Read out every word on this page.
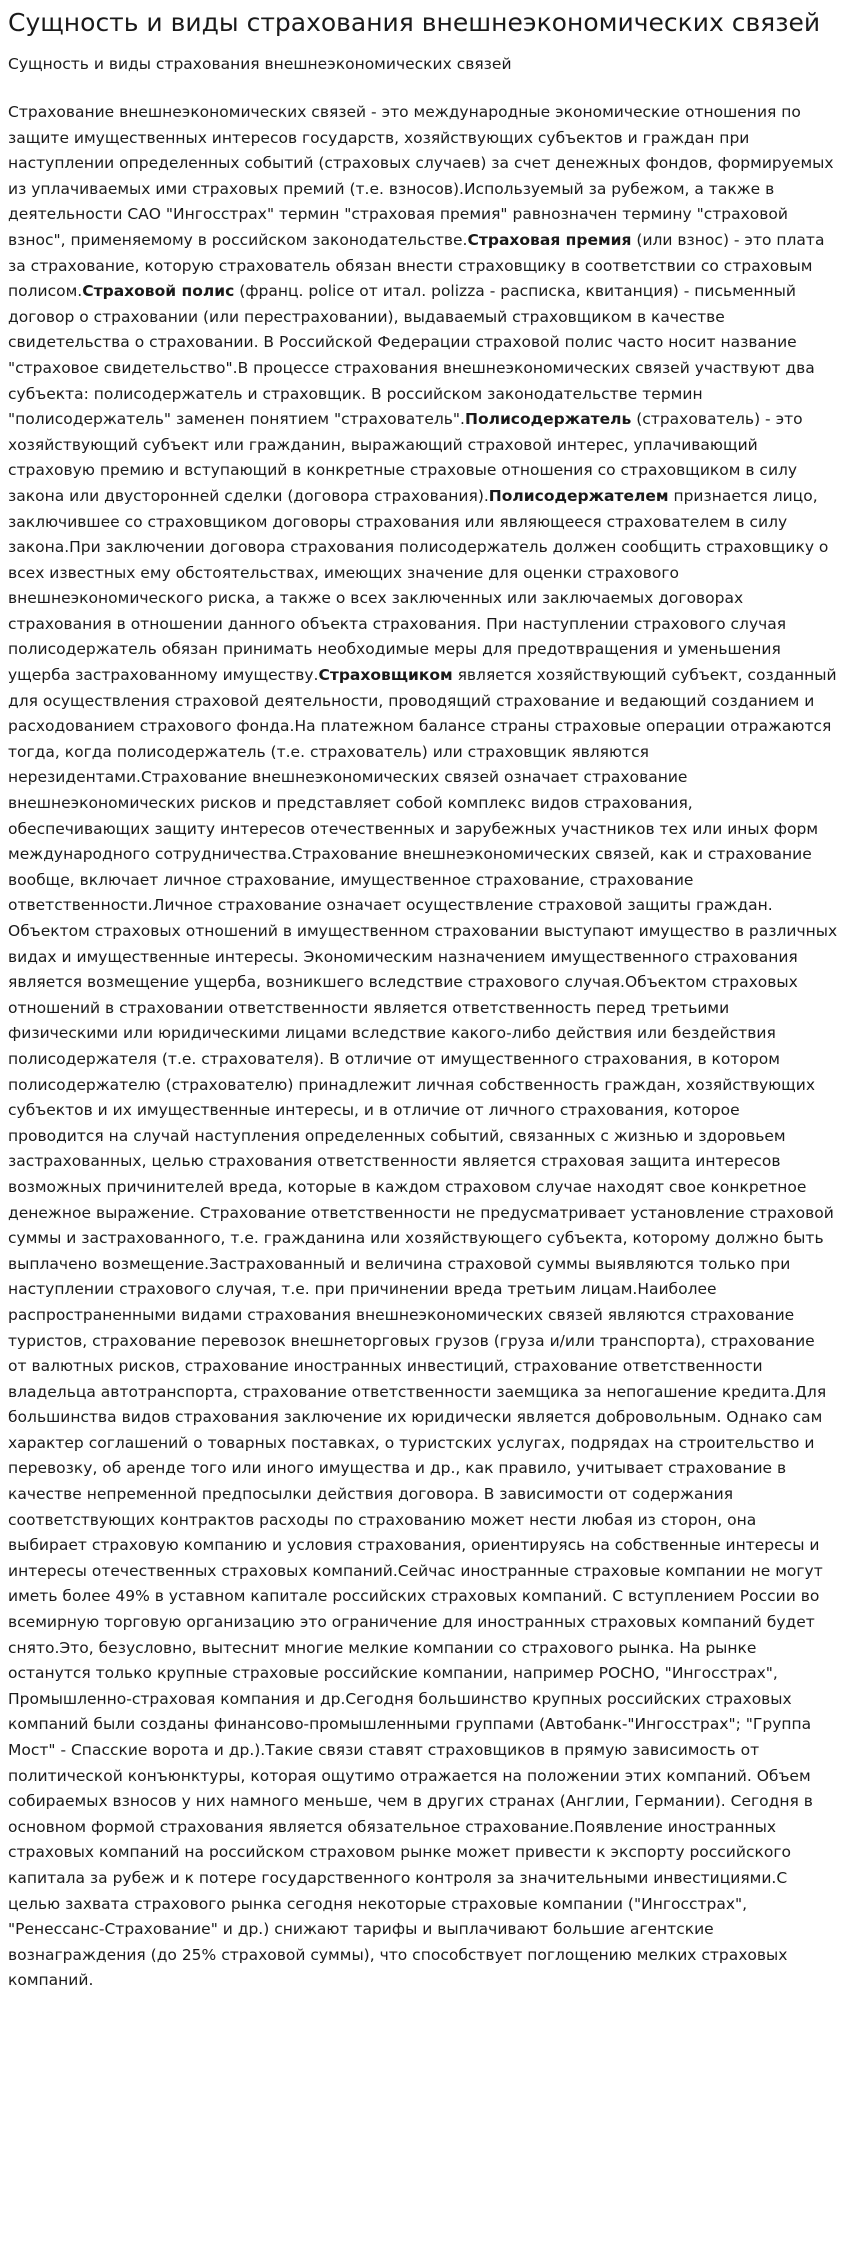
Сущность и виды страхования внешнеэкономических связей
Сущность и виды страхования внешнеэкономических связей
Страхование внешнеэкономических связей - это международные экономические отношения по защите имущественных интересов государств, хозяйствующих субъектов и граждан при наступлении определенных событий (страховых случаев) за счет денежных фондов, формируемых из уплачиваемых ими страховых премий (т.е. взносов).Используемый за рубежом, а также в деятельности САО "Ингосстрах" термин "страховая премия" равнозначен термину "страховой взнос", применяемому в российском законодательстве.Страховая премия (или взнос) - это плата за страхование, которую страхователь обязан внести страховщику в соответствии со страховым полисом.Страховой полис (франц. police от итал. polizza - расписка, квитанция) - письменный договор о страховании (или перестраховании), выдаваемый страховщиком в качестве свидетельства о страховании. В Российской Федерации страховой полис часто носит название "страховое свидетельство".В процессе страхования внешнеэкономических связей участвуют два субъекта: полисодержатель и страховщик. В российском законодательстве термин "полисодержатель" заменен понятием "страхователь".Полисодержатель (страхователь) - это хозяйствующий субъект или гражданин, выражающий страховой интерес, уплачивающий страховую премию и вступающий в конкретные страховые отношения со страховщиком в силу закона или двусторонней сделки (договора страхования).Полисодержателем признается лицо, заключившее со страховщиком договоры страхования или являющееся страхователем в силу закона.При заключении договора страхования полисодержатель должен сообщить страховщику о всех известных ему обстоятельствах, имеющих значение для оценки страхового внешнеэкономического риска, а также о всех заключенных или заключаемых договорах страхования в отношении данного объекта страхования. При наступлении страхового случая полисодержатель обязан принимать необходимые меры для предотвращения и уменьшения ущерба застрахованному имуществу.Страховщиком является хозяйствующий субъект, созданный для осуществления страховой деятельности, проводящий страхование и ведающий созданием и расходованием страхового фонда.На платежном балансе страны страховые операции отражаются тогда, когда полисодержатель (т.е. страхователь) или страховщик являются нерезидентами.Страхование внешнеэкономических связей означает страхование внешнеэкономических рисков и представляет собой комплекс видов страхования, обеспечивающих защиту интересов отечественных и зарубежных участников тех или иных форм международного сотрудничества.Страхование внешнеэкономических связей, как и страхование вообще, включает личное страхование, имущественное страхование, страхование ответственности.Личное страхование означает осуществление страховой защиты граждан. Объектом страховых отношений в имущественном страховании выступают имущество в различных видах и имущественные интересы. Экономическим назначением имущественного страхования является возмещение ущерба, возникшего вследствие страхового случая.Объектом страховых отношений в страховании ответственности является ответственность перед третьими физическими или юридическими лицами вследствие какого-либо действия или бездействия полисодержателя (т.е. страхователя). В отличие от имущественного страхования, в котором полисодержателю (страхователю) принадлежит личная собственность граждан, хозяйствующих субъектов и их имущественные интересы, и в отличие от личного страхования, которое проводится на случай наступления определенных событий, связанных с жизнью и здоровьем застрахованных, целью страхования ответственности является страховая защита интересов возможных причинителей вреда, которые в каждом страховом случае находят свое конкретное денежное выражение. Страхование ответственности не предусматривает установление страховой суммы и застрахованного, т.е. гражданина или хозяйствующего субъекта, которому должно быть выплачено возмещение.Застрахованный и величина страховой суммы выявляются только при наступлении страхового случая, т.е. при причинении вреда третьим лицам.Наиболее распространенными видами страхования внешнеэкономических связей являются страхование туристов, страхование перевозок внешнеторговых грузов (груза и/или транспорта), страхование от валютных рисков, страхование иностранных инвестиций, страхование ответственности владельца автотранспорта, страхование ответственности заемщика за непогашение кредита.Для большинства видов страхования заключение их юридически является добровольным. Однако сам характер соглашений о товарных поставках, о туристских услугах, подрядах на строительство и перевозку, об аренде того или иного имущества и др., как правило, учитывает страхование в качестве непременной предпосылки действия договора. В зависимости от содержания соответствующих контрактов расходы по страхованию может нести любая из сторон, она выбирает страховую компанию и условия страхования, ориентируясь на собственные интересы и интересы отечественных страховых компаний.Сейчас иностранные страховые компании не могут иметь более 49% в уставном капитале российских страховых компаний. С вступлением России во всемирную торговую организацию это ограничение для иностранных страховых компаний будет снято.Это, безусловно, вытеснит многие мелкие компании со страхового рынка. На рынке останутся только крупные страховые российские компании, например РОСНО, "Ингосстрах", Промышленно-страховая компания и др.Сегодня большинство крупных российских страховых компаний были созданы финансово-промышленными группами (Автобанк-"Ингосстрах"; "Группа Мост" - Спасские ворота и др.).Такие связи ставят страховщиков в прямую зависимость от политической конъюнктуры, которая ощутимо отражается на положении этих компаний. Объем собираемых взносов у них намного меньше, чем в других странах (Англии, Германии). Сегодня в основном формой страхования является обязательное страхование.Появление иностранных страховых компаний на российском страховом рынке может привести к экспорту российского капитала за рубеж и к потере государственного контроля за значительными инвестициями.С целью захвата страхового рынка сегодня некоторые страховые компании ("Ингосстрах", "Ренессанс-Страхование" и др.) снижают тарифы и выплачивают большие агентские вознаграждения (до 25% страховой суммы), что способствует поглощению мелких страховых компаний.
